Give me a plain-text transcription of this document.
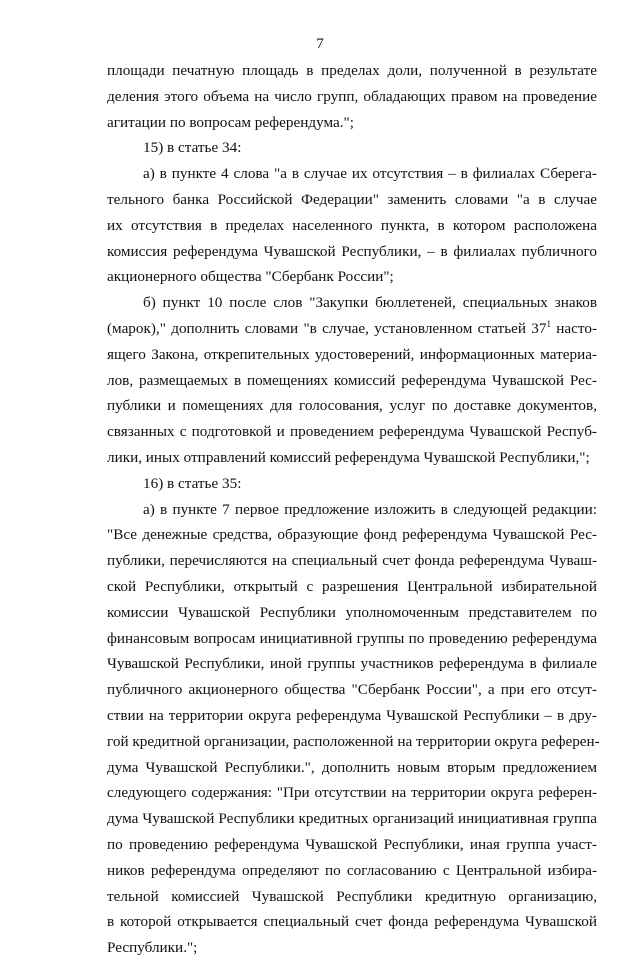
7
площади печатную площадь в пределах доли, полученной в результате
деления этого объема на число групп, обладающих правом на проведение
агитации по вопросам референдума.";
15) в статье 34:
а) в пункте 4 слова "а в случае их отсутствия – в филиалах Сберега-
тельного банка Российской Федерации" заменить словами "а в случае
их отсутствия в пределах населенного пункта, в котором расположена
комиссия референдума Чувашской Республики, – в филиалах публичного
акционерного общества "Сбербанк России";
б) пункт 10 после слов "Закупки бюллетеней, специальных знаков
(марок)," дополнить словами "в случае, установленном статьей $37^1$ насто-
ящего Закона, открепительных удостоверений, информационных материа-
лов, размещаемых в помещениях комиссий референдума Чувашской Рес-
публики и помещениях для голосования, услуг по доставке документов,
связанных с подготовкой и проведением референдума Чувашской Респуб-
лики, иных отправлений комиссий референдума Чувашской Республики,";
16) в статье 35:
а) в пункте 7 первое предложение изложить в следующей редакции:
"Все денежные средства, образующие фонд референдума Чувашской Рес-
публики, перечисляются на специальный счет фонда референдума Чуваш-
ской Республики, открытый с разрешения Центральной избирательной
комиссии Чувашской Республики уполномоченным представителем по
финансовым вопросам инициативной группы по проведению референдума
Чувашской Республики, иной группы участников референдума в филиале
публичного акционерного общества "Сбербанк России", а при его отсут-
ствии на территории округа референдума Чувашской Республики – в дру-
гой кредитной организации, расположенной на территории округа референ-
дума Чувашской Республики.", дополнить новым вторым предложением
следующего содержания: "При отсутствии на территории округа референ-
дума Чувашской Республики кредитных организаций инициативная группа
по проведению референдума Чувашской Республики, иная группа участ-
ников референдума определяют по согласованию с Центральной избира-
тельной комиссией Чувашской Республики кредитную организацию,
в которой открывается специальный счет фонда референдума Чувашской
Республики.";
